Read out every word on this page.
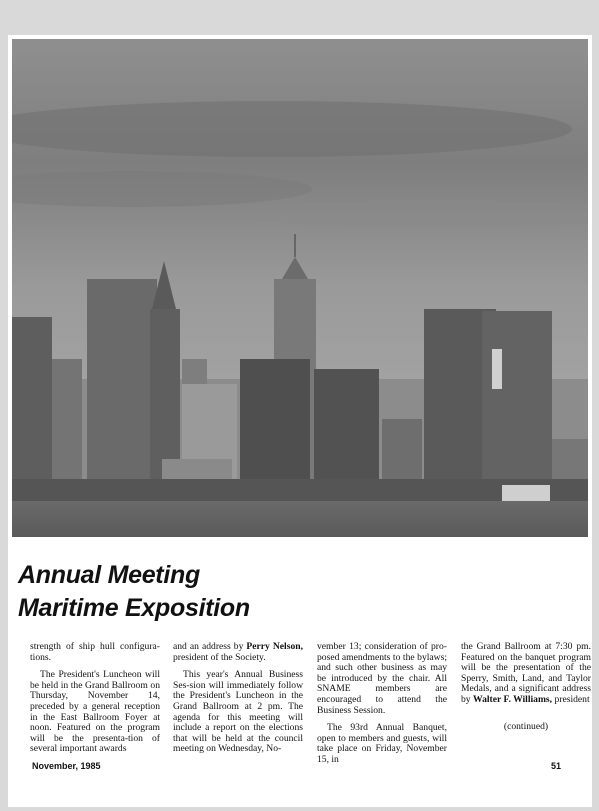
Annual Meeting
Maritime Exposition

strength of ship hull configura-tions.

The President's Luncheon will be held in the Grand Ballroom on Thursday, November 14, preceded by a general reception in the East Ballroom Foyer at noon. Featured on the program will be the presenta-tion of several important awards

and an address by Perry Nelson, president of the Society.

This year's Annual Business Ses-sion will immediately follow the President's Luncheon in the Grand Ballroom at 2 pm. The agenda for this meeting will include a report on the elections that will be held at the council meeting on Wednesday, No-

vember 13; consideration of pro-posed amendments to the bylaws; and such other business as may be introduced by the chair. All SNAME members are encouraged to attend the Business Session.

The 93rd Annual Banquet, open to members and guests, will take place on Friday, November 15, in

the Grand Ballroom at 7:30 pm. Featured on the banquet program will be the presentation of the Sperry, Smith, Land, and Taylor Medals, and a significant address by Walter F. Williams, president

(continued)

November, 1985	51
